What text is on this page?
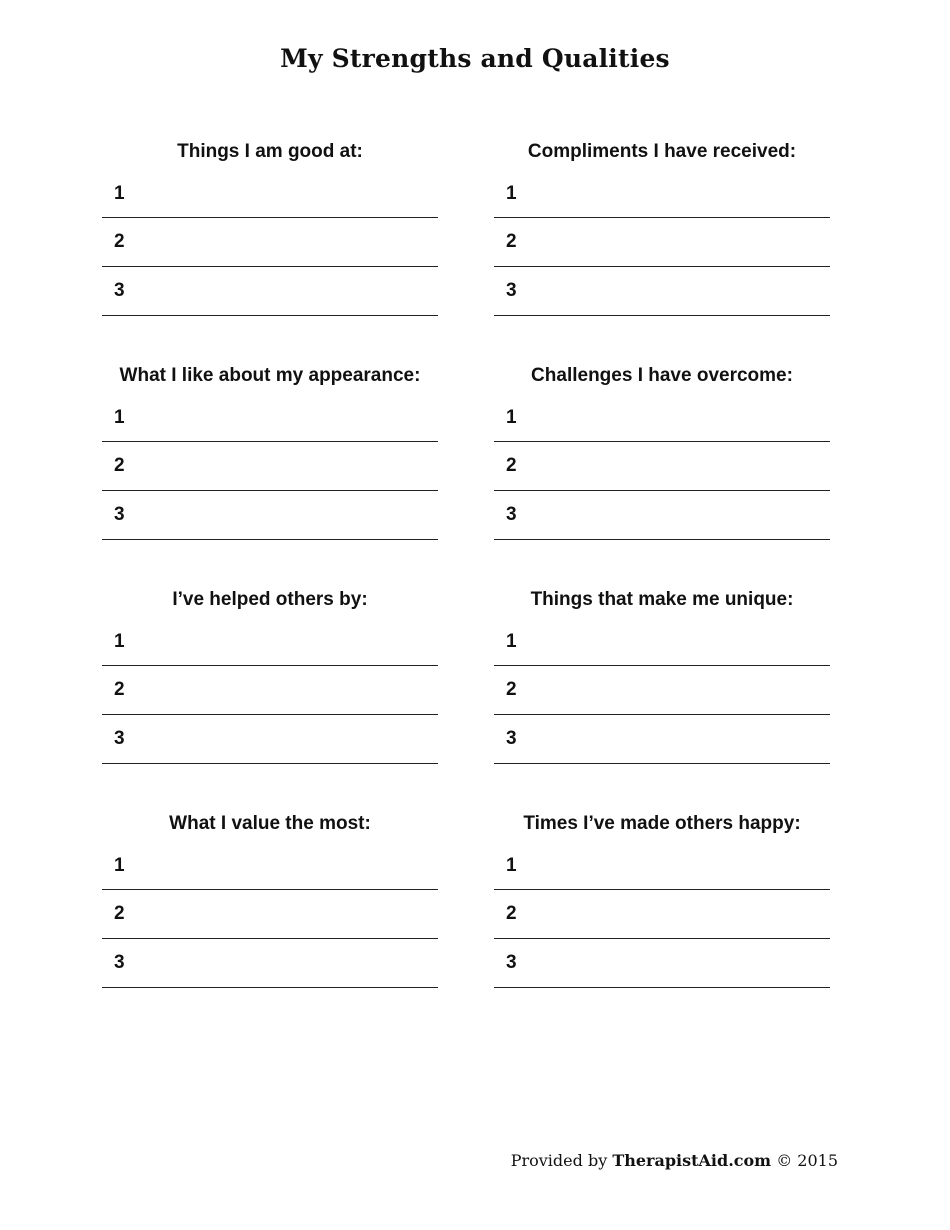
My Strengths and Qualities
Things I am good at:
1
2
3
Compliments I have received:
1
2
3
What I like about my appearance:
1
2
3
Challenges I have overcome:
1
2
3
I’ve helped others by:
1
2
3
Things that make me unique:
1
2
3
What I value the most:
1
2
3
Times I’ve made others happy:
1
2
3
Provided by TherapistAid.com © 2015
